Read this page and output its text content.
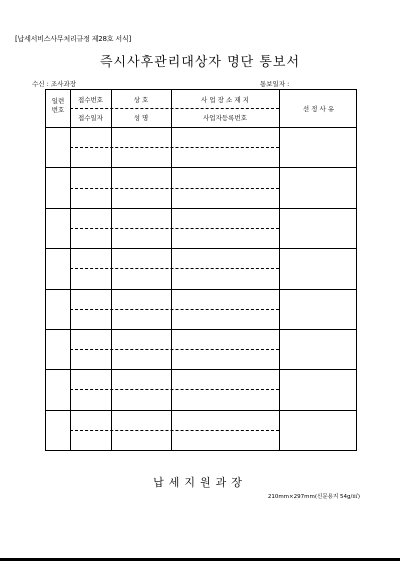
[납세서비스사무처리규정 제28호 서식]
즉시사후관리대상자 명단 통보서
수신 : 조사과장	통보일자 :
일련
번호
접수번호
접수일자
상 호
성 명
사 업 장 소 재 지
사업자등록번호
선 정 사 유
납세지원과장
210mm×297mm(신문용지 54g/㎡)
